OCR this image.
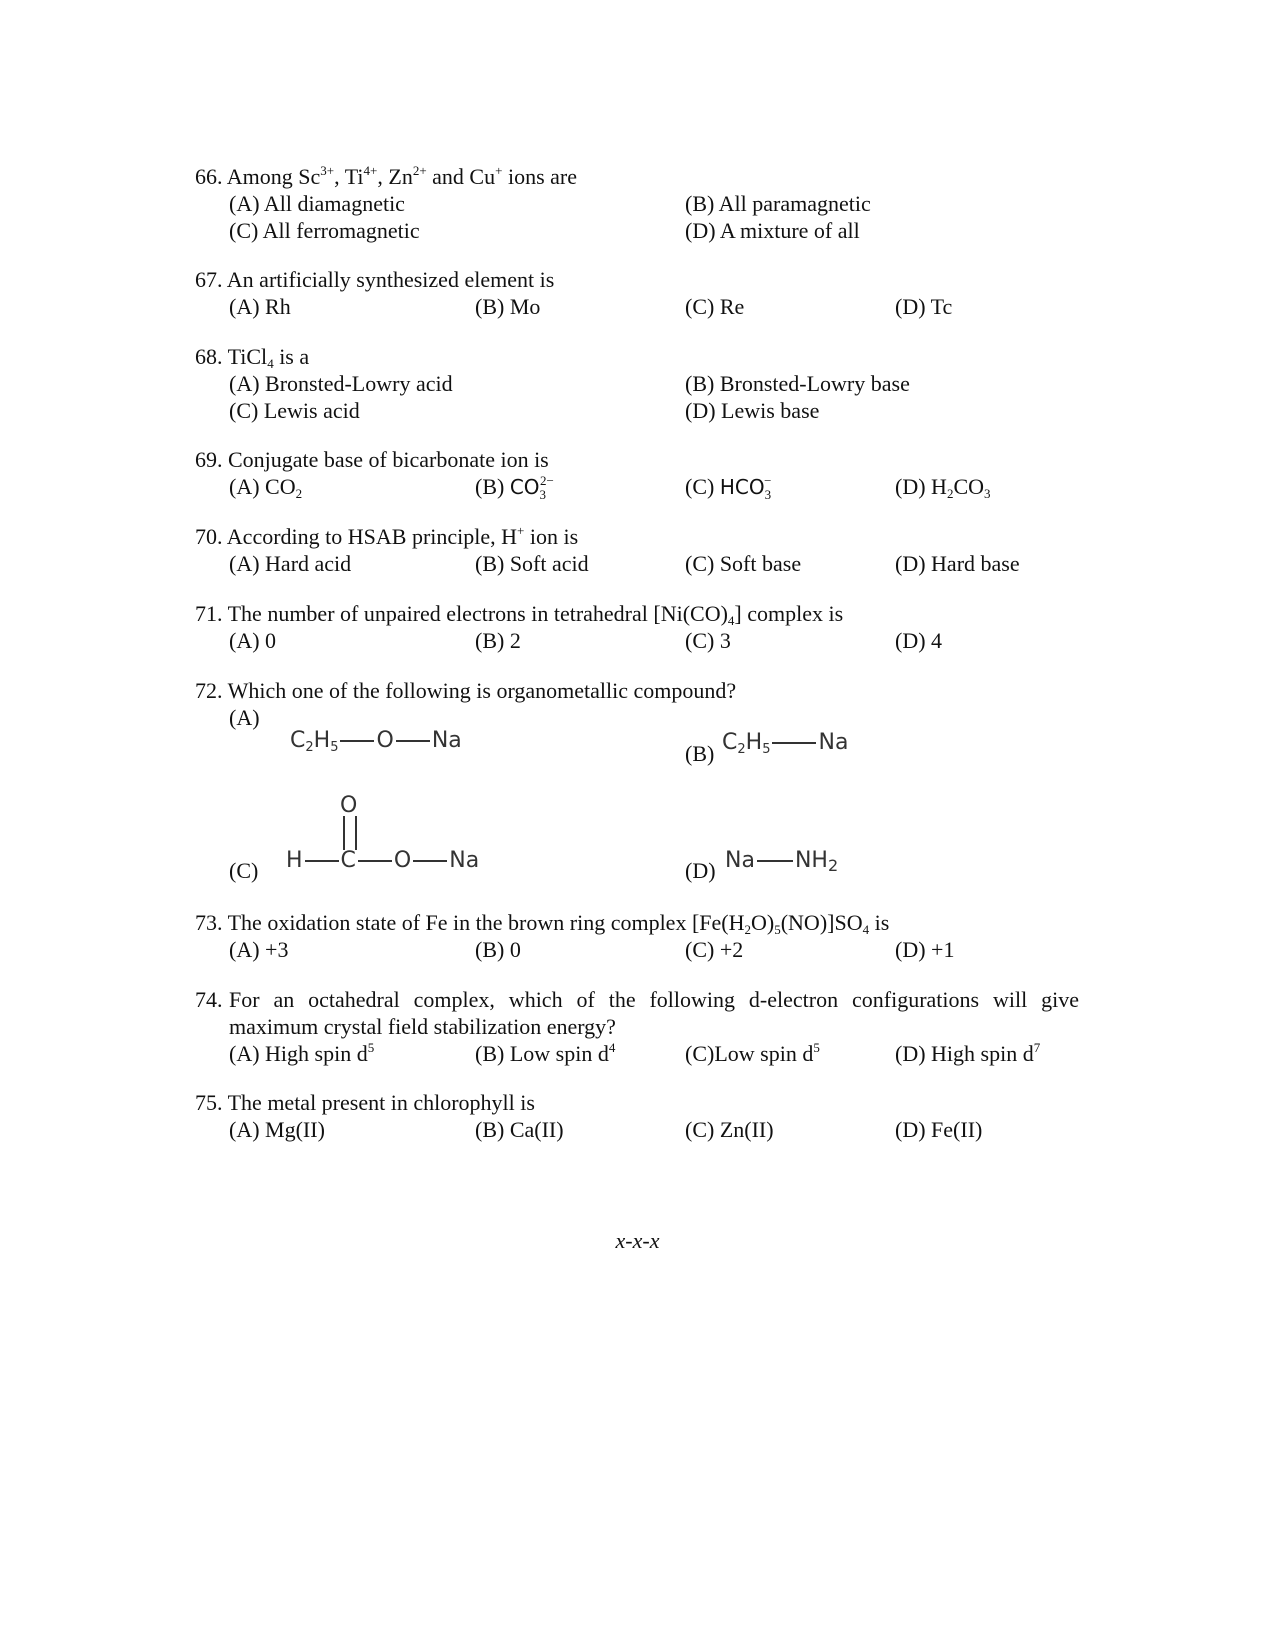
66. Among $Sc^{3+}$, $Ti^{4+}$, $Zn^{2+}$ and Cu+ ions are
(A) All diamagnetic	(B) All paramagnetic
(C) All ferromagnetic	(D) A mixture of all
67. An artificially synthesized element is
(A) Rh	(B) Mo	(C) Re	(D) Tc
68. TiCl$_4$ is a
(A) Bronsted-Lowry acid	(B) Bronsted-Lowry base
(C) Lewis acid	(D) Lewis base
69. Conjugate base of bicarbonate ion is
(A) $CO_2$	(B) $CO_3^{2-}$	(C) $HCO_3^-$	(D) $H_2CO_3$
70. According to HSAB principle, H+ ion is
(A) Hard acid	(B) Soft acid	(C) Soft base	(D) Hard base
71. The number of unpaired electrons in tetrahedral $[Ni(CO)_4]$ complex is
(A) 0	(B) 2	(C) 3	(D) 4
72. Which one of the following is organometallic compound?
(A)
$C_2H_5$ O Na
(B) $C_2H_5$ Na
O
H C O Na
(C)	(D) Na $NH_2$
73. The oxidation state of Fe in the brown ring complex $[Fe(H_2O)_5(NO)]SO_4$ is
(A) +3	(B) 0	(C) +2	(D) +1
74. For an octahedral complex, which of the following d-electron configurations will give
maximum crystal field stabilization energy?
(A) High spin $d^5$	(B) Low spin $d^4$	(C)Low spin $d^5$	(D) High spin $d^7$
75. The metal present in chlorophyll is
(A) Mg(II)	(B) Ca(II)	(C) Zn(II)	(D) Fe(II)
x-x-x
